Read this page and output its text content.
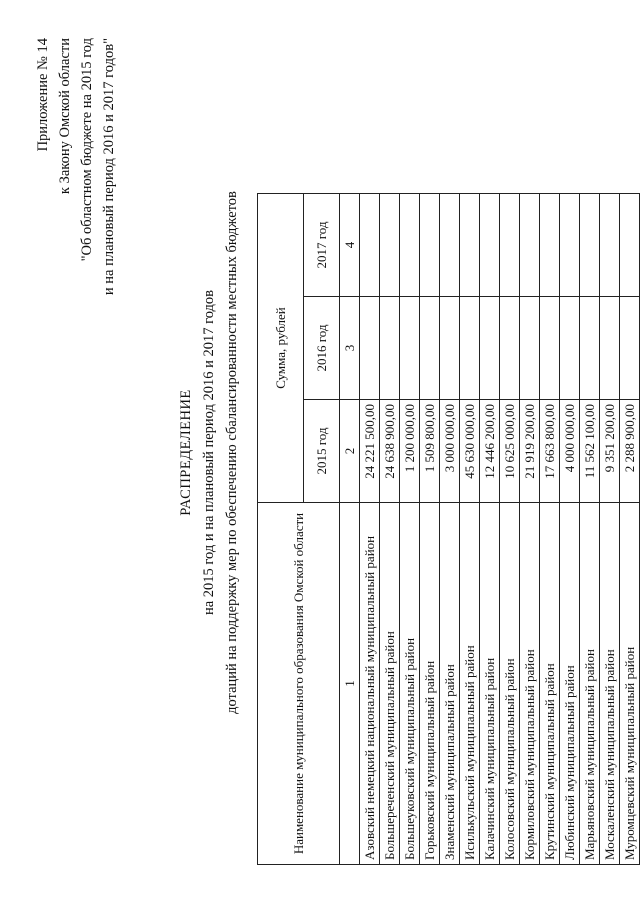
Приложение № 14 к Закону Омской области "Об областном бюджете на 2015 год и на плановый период 2016 и 2017 годов"
РАСПРЕДЕЛЕНИЕ на 2015 год и на плановый период 2016 и 2017 годов дотаций на поддержку мер по обеспечению сбалансированности местных бюджетов	Наименование муниципального образования Омской области	Сумма, рублей		
	2015 год	2016 год	2017 год
1	2	3	4
Азовский немецкий национальный муниципальный район	24 221 500,00		
Большереченский муниципальный район	24 638 900,00		
Большеуковский муниципальный район	1 200 000,00		
Горьковский муниципальный район	1 509 800,00		
Знаменский муниципальный район	3 000 000,00		
Исилькульский муниципальный район	45 630 000,00		
Калачинский муниципальный район	12 446 200,00		
Колосовский муниципальный район	10 625 000,00		
Кормиловский муниципальный район	21 919 200,00		
Крутинский муниципальный район	17 663 800,00		
Любинский муниципальный район	4 000 000,00		
Марьяновский муниципальный район	11 562 100,00		
Москаленский муниципальный район	9 351 200,00		
Муромцевский муниципальный район	2 288 900,00		
